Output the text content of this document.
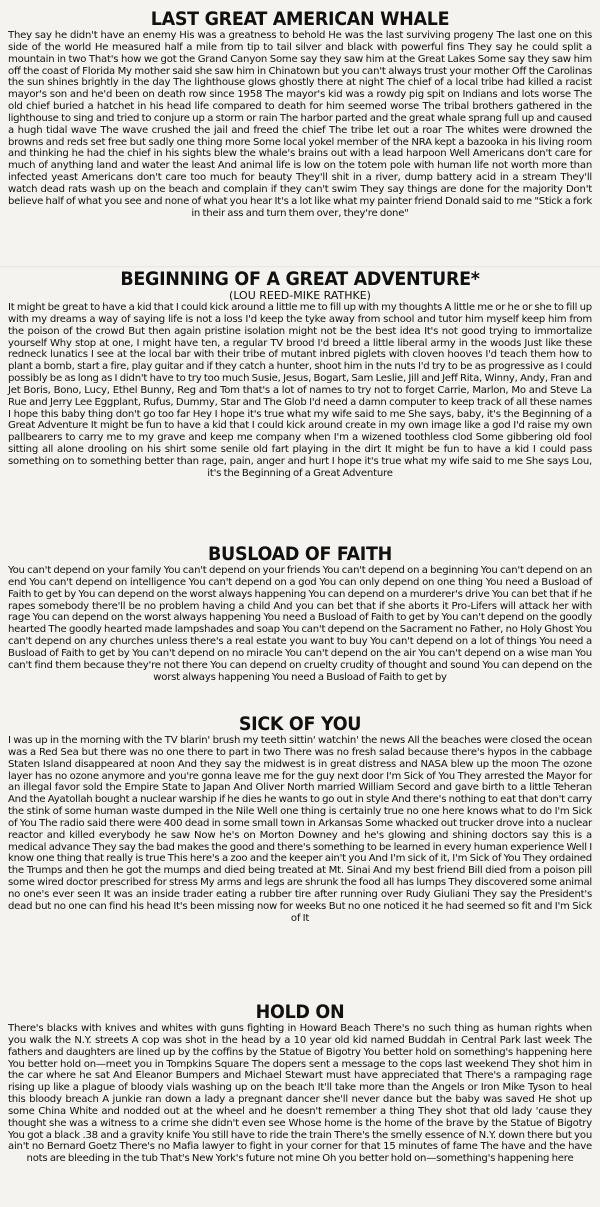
LAST GREAT AMERICAN WHALE

They say he didn't have an enemy His was a greatness to behold He was the last surviving progeny The last one on this side of the world He measured half a mile from tip to tail silver and black with powerful fins They say he could split a mountain in two That's how we got the Grand Canyon Some say they saw him at the Great Lakes Some say they saw him off the coast of Florida My mother said she saw him in Chinatown but you can't always trust your mother Off the Carolinas the sun shines brightly in the day The lighthouse glows ghostly there at night The chief of a local tribe had killed a racist mayor's son and he'd been on death row since 1958 The mayor's kid was a rowdy pig spit on Indians and lots worse The old chief buried a hatchet in his head life compared to death for him seemed worse The tribal brothers gathered in the lighthouse to sing and tried to conjure up a storm or rain The harbor parted and the great whale sprang full up and caused a hugh tidal wave The wave crushed the jail and freed the chief The tribe let out a roar The whites were drowned the browns and reds set free but sadly one thing more Some local yokel member of the NRA kept a bazooka in his living room and thinking he had the chief in his sights blew the whale's brains out with a lead harpoon Well Americans don't care for much of anything land and water the least And animal life is low on the totem pole with human life not worth more than infected yeast Americans don't care too much for beauty They'll shit in a river, dump battery acid in a stream They'll watch dead rats wash up on the beach and complain if they can't swim They say things are done for the majority Don't believe half of what you see and none of what you hear It's a lot like what my painter friend Donald said to me "Stick a fork in their ass and turn them over, they're done"

BEGINNING OF A GREAT ADVENTURE*

(LOU REED-MIKE RATHKE)

It might be great to have a kid that I could kick around a little me to fill up with my thoughts A little me or he or she to fill up with my dreams a way of saying life is not a loss I'd keep the tyke away from school and tutor him myself keep him from the poison of the crowd But then again pristine isolation might not be the best idea It's not good trying to immortalize yourself Why stop at one, I might have ten, a regular TV brood I'd breed a little liberal army in the woods Just like these redneck lunatics I see at the local bar with their tribe of mutant inbred piglets with cloven hooves I'd teach them how to plant a bomb, start a fire, play guitar and if they catch a hunter, shoot him in the nuts I'd try to be as progressive as I could possibly be as long as I didn't have to try too much Susie, Jesus, Bogart, Sam Leslie, Jill and Jeff Rita, Winny, Andy, Fran and Jet Boris, Bono, Lucy, Ethel Bunny, Reg and Tom that's a lot of names to try not to forget Carrie, Marlon, Mo and Steve La Rue and Jerry Lee Eggplant, Rufus, Dummy, Star and The Glob I'd need a damn computer to keep track of all these names I hope this baby thing don't go too far Hey I hope it's true what my wife said to me She says, baby, it's the Beginning of a Great Adventure It might be fun to have a kid that I could kick around create in my own image like a god I'd raise my own pallbearers to carry me to my grave and keep me company when I'm a wizened toothless clod Some gibbering old fool sitting all alone drooling on his shirt some senile old fart playing in the dirt It might be fun to have a kid I could pass something on to something better than rage, pain, anger and hurt I hope it's true what my wife said to me She says Lou, it's the Beginning of a Great Adventure

BUSLOAD OF FAITH

You can't depend on your family You can't depend on your friends You can't depend on a beginning You can't depend on an end You can't depend on intelligence You can't depend on a god You can only depend on one thing You need a Busload of Faith to get by You can depend on the worst always happening You can depend on a murderer's drive You can bet that if he rapes somebody there'll be no problem having a child And you can bet that if she aborts it Pro-Lifers will attack her with rage You can depend on the worst always happening You need a Busload of Faith to get by You can't depend on the goodly hearted The goodly hearted made lampshades and soap You can't depend on the Sacrament no Father, no Holy Ghost You can't depend on any churches unless there's a real estate you want to buy You can't depend on a lot of things You need a Busload of Faith to get by You can't depend on no miracle You can't depend on the air You can't depend on a wise man You can't find them because they're not there You can depend on cruelty crudity of thought and sound You can depend on the worst always happening You need a Busload of Faith to get by

SICK OF YOU

I was up in the morning with the TV blarin' brush my teeth sittin' watchin' the news All the beaches were closed the ocean was a Red Sea but there was no one there to part in two There was no fresh salad because there's hypos in the cabbage Staten Island disappeared at noon And they say the midwest is in great distress and NASA blew up the moon The ozone layer has no ozone anymore and you're gonna leave me for the guy next door I'm Sick of You They arrested the Mayor for an illegal favor sold the Empire State to Japan And Oliver North married William Secord and gave birth to a little Teheran And the Ayatollah bought a nuclear warship if he dies he wants to go out in style And there's nothing to eat that don't carry the stink of some human waste dumped in the Nile Well one thing is certainly true no one here knows what to do I'm Sick of You The radio said there were 400 dead in some small town in Arkansas Some whacked out trucker drove into a nuclear reactor and killed everybody he saw Now he's on Morton Downey and he's glowing and shining doctors say this is a medical advance They say the bad makes the good and there's something to be learned in every human experience Well I know one thing that really is true This here's a zoo and the keeper ain't you And I'm sick of it, I'm Sick of You They ordained the Trumps and then he got the mumps and died being treated at Mt. Sinai And my best friend Bill died from a poison pill some wired doctor prescribed for stress My arms and legs are shrunk the food all has lumps They discovered some animal no one's ever seen It was an inside trader eating a rubber tire after running over Rudy Giuliani They say the President's dead but no one can find his head It's been missing now for weeks But no one noticed it he had seemed so fit and I'm Sick of It

HOLD ON

There's blacks with knives and whites with guns fighting in Howard Beach There's no such thing as human rights when you walk the N.Y. streets A cop was shot in the head by a 10 year old kid named Buddah in Central Park last week The fathers and daughters are lined up by the coffins by the Statue of Bigotry You better hold on something's happening here You better hold on—meet you in Tompkins Square The dopers sent a message to the cops last weekend They shot him in the car where he sat And Eleanor Bumpers and Michael Stewart must have appreciated that There's a rampaging rage rising up like a plague of bloody vials washing up on the beach It'll take more than the Angels or Iron Mike Tyson to heal this bloody breach A junkie ran down a lady a pregnant dancer she'll never dance but the baby was saved He shot up some China White and nodded out at the wheel and he doesn't remember a thing They shot that old lady 'cause they thought she was a witness to a crime she didn't even see Whose home is the home of the brave by the Statue of Bigotry You got a black .38 and a gravity knife You still have to ride the train There's the smelly essence of N.Y. down there but you ain't no Bernard Goetz There's no Mafia lawyer to fight in your corner for that 15 minutes of fame The have and the have nots are bleeding in the tub That's New York's future not mine Oh you better hold on—something's happening here
